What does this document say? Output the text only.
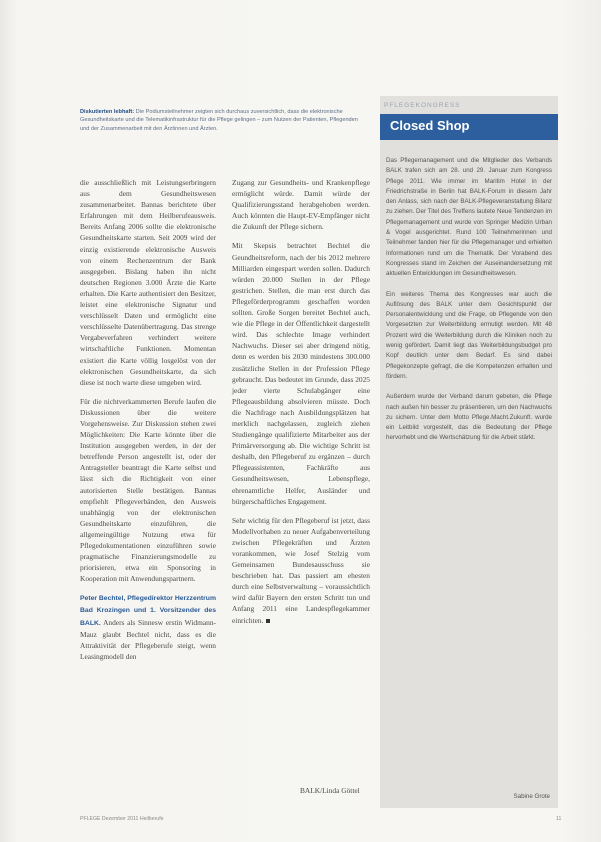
Diskutierten lebhaft: Die Podiumsteilnehmer zeigten sich durchaus zuversichtlich, dass die elektronische Gesundheitskarte und die Telematikinfrastruktur für die Pflege gelingen – zum Nutzen der Patienten, Pflegenden und der Zusammenarbeit mit den Ärztinnen und Ärzten.

die ausschließlich mit Leistungserbringern aus dem Gesundheitswesen zusammenarbeitet. Bannas berichtete über Erfahrungen mit dem Heilberufeausweis. Bereits Anfang 2006 sollte die elektronische Gesundheitskarte starten. Seit 2009 wird der einzig existierende elektronische Ausweis von einem Rechenzentrum der Bank ausgegeben. Bislang haben ihn nicht deutschen Regionen 3.000 Ärzte die Karte erhalten. Die Karte authentisiert den Besitzer, leistet eine elektronische Signatur und verschlüsselt Daten und ermöglicht eine verschlüsselte Datenübertragung. Das strenge Vergabeverfahren verhindert weitere wirtschaftliche Funktionen. Momentan existiert die Karte völlig losgelöst von der elektronischen Gesundheitskarte, da sich diese ist noch warte diese umgeben wird.

Für die nichtverkammerten Berufe laufen die Diskussionen über die weitere Vorgehensweise. Zur Diskussion stehen zwei Möglichkeiten: Die Karte könnte über die Institution ausgegeben werden, in der der betreffende Person angestellt ist, oder der Antragsteller beantragt die Karte selbst und lässt sich die Richtigkeit von einer autorisierten Stelle bestätigen. Bannas empfiehlt Pflegeverbänden, den Ausweis unabhängig von der elektronischen Gesundheitskarte einzuführen, die allgemeingültige Nutzung etwa für Pflegedokumentationen einzuführen sowie pragmatische Finanzierungsmodelle zu priorisieren, etwa ein Sponsoring in Kooperation mit Anwendungspartnern.

Peter Bechtel, Pflegedirektor Herzzentrum Bad Krozingen und 1. Vorsitzender des BALK. Anders als Sinnesw erstin Widmann-Mauz glaubt Bechtel nicht, dass es die Attraktivität der Pflegeberufe steigt, wenn Leasingmodell den

Zugang zur Gesundheits- und Krankenpflege ermöglicht würde. Damit würde der Qualifizierungsstand herabgehoben werden. Auch könnten die Haupt-EV-Empfänger nicht die Zukunft der Pflege sichern.

Mit Skepsis betrachtet Bechtel die Geundheitsreform, nach der bis 2012 mehrere Milliarden eingespart werden sollen. Dadurch würden 20.000 Stellen in der Pflege gestrichen. Stellen, die man erst durch das Pflegeförderprogramm geschaffen worden sollten. Große Sorgen bereitet Bechtel auch, wie die Pflege in der Öffentlichkeit dargestellt wird. Das schlechte Image verhindert Nachwuchs. Dieser sei aber dringend nötig, denn es werden bis 2030 mindestens 300.000 zusätzliche Stellen in der Profession Pflege gebraucht. Das bedeutet im Grunde, dass 2025 jeder vierte Schulabgänger eine Pflegeausbildung absolvieren müsste. Doch die Nachfrage nach Ausbildungsplätzen hat merklich nachgelassen, zugleich ziehen Studiengänge qualifizierte Mitarbeiter aus der Primärversorgung ab. Die wichtige Schritt ist deshalb, den Pflegeberuf zu ergänzen – durch Pflegeassistenten, Fachkräfte aus Gesundheitswesen, Lebenspflege, ehrenamtliche Helfer, Ausländer und bürgerschaftliches Engagement.

Sehr wichtig für den Pflegeberuf ist jetzt, dass Modellvorhaben zu neuer Aufgabenverteilung zwischen Pflegekräften und Ärzten vorankommen, wie Josef Stelzig vom Gemeinsamen Bundesausschuss sie beschrieben hat. Das passiert am ehesten durch eine Selbstverwaltung – voraussichtlich wird dafür Bayern den ersten Schritt tun und Anfang 2011 eine Landespflegekammer einrichten.

BALK/Linda Göttel
PFLEGEKONGRESS
Closed Shop

Das Pflegemanagement und die Mitglieder des Verbands BALK trafen sich am 28. und 29. Januar zum Kongress Pflege 2011. Wie immer im Maritim Hotel in der Friedrichstraße in Berlin hat BALK-Forum in diesem Jahr den Anlass, sich nach der BALK-Pflegeveranstaltung Bilanz zu ziehen. Der Titel des Treffens lautete Neue Tendenzen im Pflegemanagement und wurde von Springer Medizin Urban & Vogel ausgerichtet. Rund 100 Teilnehmerinnen und Teilnehmer fanden hier für die Pflegemanager und erhielten Informationen rund um die Thematik. Der Vorabend des Kongresses stand im Zeichen der Auseinandersetzung mit aktuellen Entwicklungen im Gesundheitswesen.

Ein weiteres Thema des Kongresses war auch die Auflösung des BALK unter dem Gesichtspunkt der Personalentwicklung und die Frage, ob Pflegende von den Vorgesetzten zur Weiterbildung ermutigt werden. Mit 48 Prozent wird die Weiterbildung durch die Kliniken noch zu wenig gefördert. Damit liegt das Weiterbildungsbudget pro Kopf deutlich unter dem Bedarf. Es sind dabei Pflegekonzepte gefragt, die die Kompetenzen erhalten und fördern.

Außerdem wurde der Verband darum gebeten, die Pflege nach außen hin besser zu präsentieren, um den Nachwuchs zu sichern. Unter dem Motto Pflege.Macht.Zukunft. wurde ein Leitbild vorgestellt, das die Bedeutung der Pflege hervorhebt und die Wertschätzung für die Arbeit stärkt.

Sabine Grote
PFLEGE Dezember 2011 Heilberufe	11
